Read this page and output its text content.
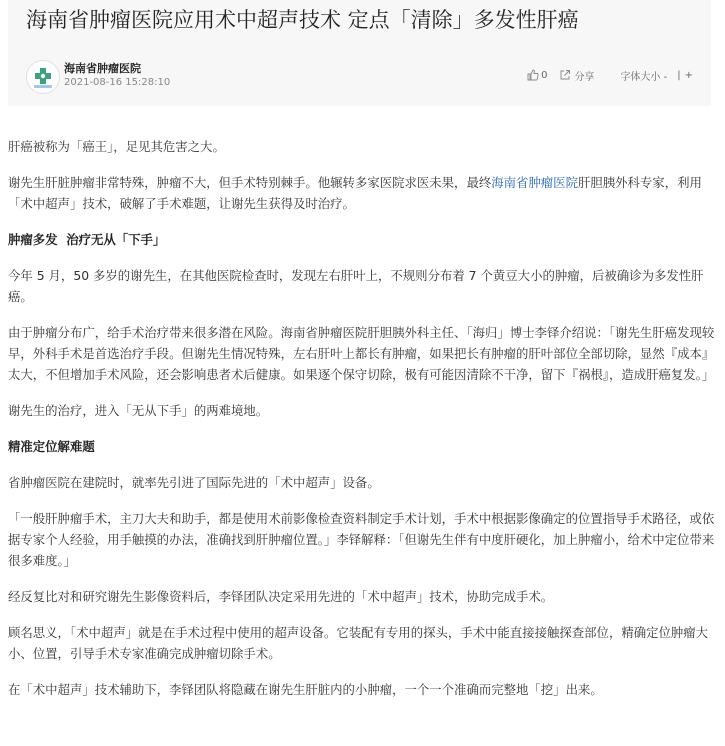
海南省肿瘤医院应用术中超声技术 定点「清除」多发性肝癌
海南省肿瘤医院
2021-08-16 15:28:10
0	分享	字体大小 - | +

肝癌被称为「癌王」，足见其危害之大。

谢先生肝脏肿瘤非常特殊，肿瘤不大，但手术特别棘手。他辗转多家医院求医未果，最终海南省肿瘤医院肝胆胰外科专家，利用「术中超声」技术，破解了手术难题，让谢先生获得及时治疗。

肿瘤多发  治疗无从「下手」

今年 5 月，50 多岁的谢先生，在其他医院检查时，发现左右肝叶上，不规则分布着 7 个黄豆大小的肿瘤，后被确诊为多发性肝癌。

由于肿瘤分布广，给手术治疗带来很多潜在风险。海南省肿瘤医院肝胆胰外科主任、「海归」博士李铎介绍说：「谢先生肝癌发现较早，外科手术是首选治疗手段。但谢先生情况特殊，左右肝叶上都长有肿瘤，如果把长有肿瘤的肝叶部位全部切除，显然『成本』太大，不但增加手术风险，还会影响患者术后健康。如果逐个保守切除，极有可能因清除不干净，留下『祸根』，造成肝癌复发。」

谢先生的治疗，进入「无从下手」的两难境地。

精准定位解难题

省肿瘤医院在建院时，就率先引进了国际先进的「术中超声」设备。

「一般肝肿瘤手术，主刀大夫和助手，都是使用术前影像检查资料制定手术计划，手术中根据影像确定的位置指导手术路径，或依据专家个人经验，用手触摸的办法，准确找到肝肿瘤位置。」李铎解释：「但谢先生伴有中度肝硬化，加上肿瘤小，给术中定位带来很多难度。」

经反复比对和研究谢先生影像资料后，李铎团队决定采用先进的「术中超声」技术，协助完成手术。

顾名思义，「术中超声」就是在手术过程中使用的超声设备。它装配有专用的探头，手术中能直接接触探查部位，精确定位肿瘤大小、位置，引导手术专家准确完成肿瘤切除手术。

在「术中超声」技术辅助下，李铎团队将隐藏在谢先生肝脏内的小肿瘤，一个一个准确而完整地「挖」出来。
